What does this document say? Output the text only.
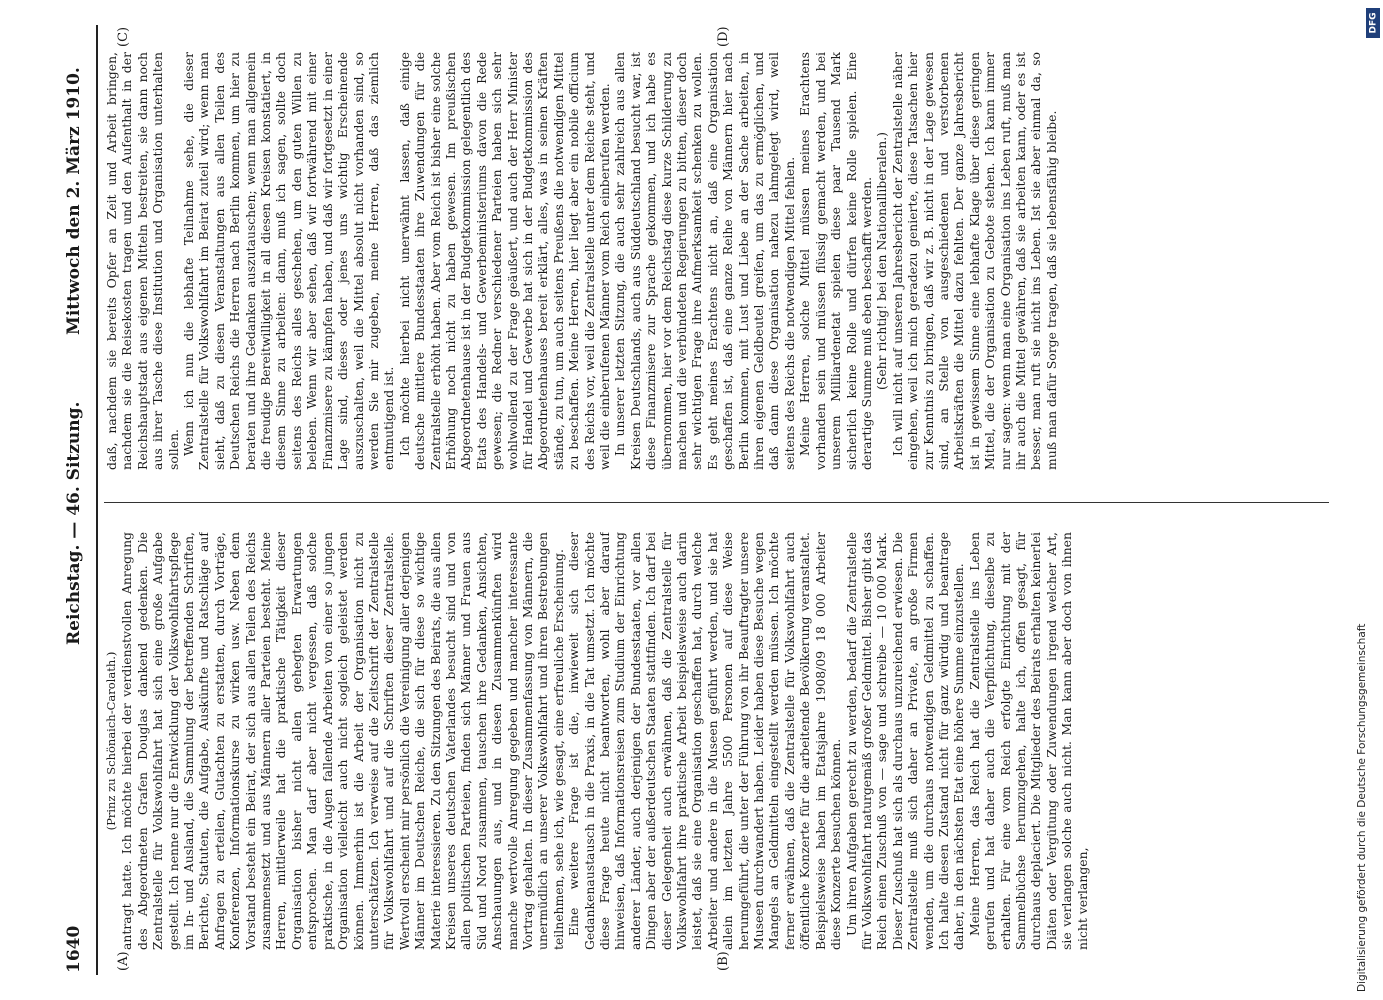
1640
Reichstag. — 46. Sitzung.
Mittwoch den 2. März 1910.
(A)	(B)
(C)	(D)

(Prinz zu Schönaich-Carolath.) antragt hatte. Ich möchte hierbei der verdienstvollen Anregung des Abgeordneten Grafen Douglas dankend gedenken. Die Zentralstelle für Volkswohlfahrt hat sich eine große Aufgabe gestellt. Ich nenne nur die Entwicklung der Volkswohlfahrtspflege im In- und Ausland, die Sammlung der betreffenden Schriften, Berichte, Statuten, die Aufgabe, Auskünfte und Ratschläge auf Anfragen zu erteilen, Gutachten zu erstatten, durch Vorträge, Konferenzen, Informationskurse zu wirken usw. Neben dem Vorstand besteht ein Beirat, der sich aus allen Teilen des Reichs zusammensetzt und aus Männern aller Parteien besteht. Meine Herren, mittlerweile hat die praktische Tätigkeit dieser Organisation bisher nicht allen gehegten Erwartungen entsprochen. Man darf aber nicht vergessen, daß solche praktische, in die Augen fallende Arbeiten von einer so jungen Organisation vielleicht auch nicht sogleich geleistet werden können. Immerhin ist die Arbeit der Organisation nicht zu unterschätzen. Ich verweise auf die Zeitschrift der Zentralstelle für Volkswohlfahrt und auf die Schriften dieser Zentralstelle. Wertvoll erscheint mir persönlich die Vereinigung aller derjenigen Männer im Deutschen Reiche, die sich für diese so wichtige Materie interessieren. Zu den Sitzungen des Beirats, die aus allen Kreisen unseres deutschen Vaterlandes besucht sind und von allen politischen Parteien, finden sich Männer und Frauen aus Süd und Nord zusammen, tauschen ihre Gedanken, Ansichten, Anschauungen aus, und in diesen Zusammenkünften wird manche wertvolle Anregung gegeben und mancher interessante Vortrag gehalten. In dieser Zusammenfassung von Männern, die unermüdlich an unserer Volkswohlfahrt und ihren Bestrebungen teilnehmen, sehe ich, wie gesagt, eine erfreuliche Erscheinung. Eine weitere Frage ist die, inwieweit sich dieser Gedankenaustausch in die Praxis, in die Tat umsetzt. Ich möchte diese Frage heute nicht beantworten, wohl aber darauf hinweisen, daß Informationsreisen zum Studium der Einrichtung anderer Länder, auch derjenigen der Bundesstaaten, vor allen Dingen aber der außerdeutschen Staaten stattfinden. Ich darf bei dieser Gelegenheit auch erwähnen, daß die Zentralstelle für Volkswohlfahrt ihre praktische Arbeit beispielsweise auch darin leistet, daß sie eine Organisation geschaffen hat, durch welche Arbeiter und andere in die Museen geführt werden, und sie hat allein im letzten Jahre 5500 Personen auf diese Weise herumgeführt, die unter der Führung von ihr Beauftragter unsere Museen durchwandert haben. Leider haben diese Besuche wegen Mangels an Geldmitteln eingestellt werden müssen. Ich möchte ferner erwähnen, daß die Zentralstelle für Volkswohlfahrt auch öffentliche Konzerte für die arbeitende Bevölkerung veranstaltet. Beispielsweise haben im Etatsjahre 1908/09 18 000 Arbeiter diese Konzerte besuchen können. Um ihren Aufgaben gerecht zu werden, bedarf die Zentralstelle für Volkswohlfahrt naturgemäß großer Geldmittel. Bisher gibt das Reich einen Zuschuß von — sage und schreibe — 10 000 Mark. Dieser Zuschuß hat sich als durchaus unzureichend erwiesen. Die Zentralstelle muß sich daher an Private, an große Firmen wenden, um die durchaus notwendigen Geldmittel zu schaffen. Ich halte diesen Zustand nicht für ganz würdig und beantrage daher, in den nächsten Etat eine höhere Summe einzustellen. Meine Herren, das Reich hat die Zentralstelle ins Leben gerufen und hat daher auch die Verpflichtung, dieselbe zu erhalten. Für eine vom Reich erfolgte Einrichtung mit der Sammelbüchse herumzugehen, halte ich, offen gesagt, für durchaus deplaciert. Die Mitglieder des Beirats erhalten keinerlei Diäten oder Vergütung oder Zuwendungen irgend welcher Art, sie verlangen solche auch nicht. Man kann aber doch von ihnen nicht verlangen,

daß, nachdem sie bereits Opfer an Zeit und Arbeit bringen, nachdem sie die Reisekosten tragen und den Aufenthalt in der Reichshauptstadt aus eigenen Mitteln bestreiten, sie dann noch aus ihrer Tasche diese Institution und Organisation unterhalten sollen. Wenn ich nun die lebhafte Teilnahme sehe, die dieser Zentralstelle für Volkswohlfahrt im Beirat zuteil wird; wenn man sieht, daß zu diesen Veranstaltungen aus allen Teilen des Deutschen Reichs die Herren nach Berlin kommen, um hier zu beraten und ihre Gedanken auszutauschen; wenn man allgemein die freudige Bereitwilligkeit in all diesen Kreisen konstatiert, in diesem Sinne zu arbeiten: dann, muß ich sagen, sollte doch seitens des Reichs alles geschehen, um den guten Willen zu beleben. Wenn wir aber sehen, daß wir fortwährend mit einer Finanzmisere zu kämpfen haben, und daß wir fortgesetzt in einer Lage sind, dieses oder jenes uns wichtig Erscheinende auszuschalten, weil die Mittel absolut nicht vorhanden sind, so werden Sie mir zugeben, meine Herren, daß das ziemlich entmutigend ist. Ich möchte hierbei nicht unerwähnt lassen, daß einige deutsche mittlere Bundesstaaten ihre Zuwendungen für die Zentralstelle erhöht haben. Aber vom Reich ist bisher eine solche Erhöhung noch nicht zu haben gewesen. Im preußischen Abgeordnetenhause ist in der Budgetkommission gelegentlich des Etats des Handels- und Gewerbeministeriums davon die Rede gewesen; die Redner verschiedener Parteien haben sich sehr wohlwollend zu der Frage geäußert, und auch der Herr Minister für Handel und Gewerbe hat sich in der Budgetkommission des Abgeordnetenhauses bereit erklärt, alles, was in seinen Kräften stände, zu tun, um auch seitens Preußens die notwendigen Mittel zu beschaffen. Meine Herren, hier liegt aber ein nobile officium des Reichs vor, weil die Zentralstelle unter dem Reiche steht, und weil die einberufenen Männer vom Reich einberufen werden. In unserer letzten Sitzung, die auch sehr zahlreich aus allen Kreisen Deutschlands, auch aus Süddeutschland besucht war, ist diese Finanzmisere zur Sprache gekommen, und ich habe es übernommen, hier vor dem Reichstag diese kurze Schilderung zu machen und die verbündeten Regierungen zu bitten, dieser doch sehr wichtigen Frage ihre Aufmerksamkeit schenken zu wollen. Es geht meines Erachtens nicht an, daß eine Organisation geschaffen ist, daß eine ganze Reihe von Männern hier nach Berlin kommen, mit Lust und Liebe an der Sache arbeiten, in ihren eigenen Geldbeutel greifen, um das zu ermöglichen, und daß dann diese Organisation nahezu lahmgelegt wird, weil seitens des Reichs die notwendigen Mittel fehlen. Meine Herren, solche Mittel müssen meines Erachtens vorhanden sein und müssen flüssig gemacht werden, und bei unserem Milliardenetat spielen diese paar Tausend Mark sicherlich keine Rolle und dürfen keine Rolle spielen. Eine derartige Summe muß eben beschafft werden. (Sehr richtig! bei den Nationalliberalen.) Ich will nicht auf unseren Jahresbericht der Zentralstelle näher eingehen, weil ich mich geradezu genierte, diese Tatsachen hier zur Kenntnis zu bringen, daß wir z. B. nicht in der Lage gewesen sind, an Stelle von ausgeschiedenen und verstorbenen Arbeitskräften die Mittel dazu fehlten. Der ganze Jahresbericht ist in gewissem Sinne eine lebhafte Klage über diese geringen Mittel, die der Organisation zu Gebote stehen. Ich kann immer nur sagen: wenn man eine Organisation ins Leben ruft, muß man ihr auch die Mittel gewähren, daß sie arbeiten kann, oder es ist besser, man ruft sie nicht ins Leben. Ist sie aber einmal da, so muß man dafür Sorge tragen, daß sie lebensfähig bleibe.

DFG
Digitalisierung gefördert durch die Deutsche Forschungsgemeinschaft
